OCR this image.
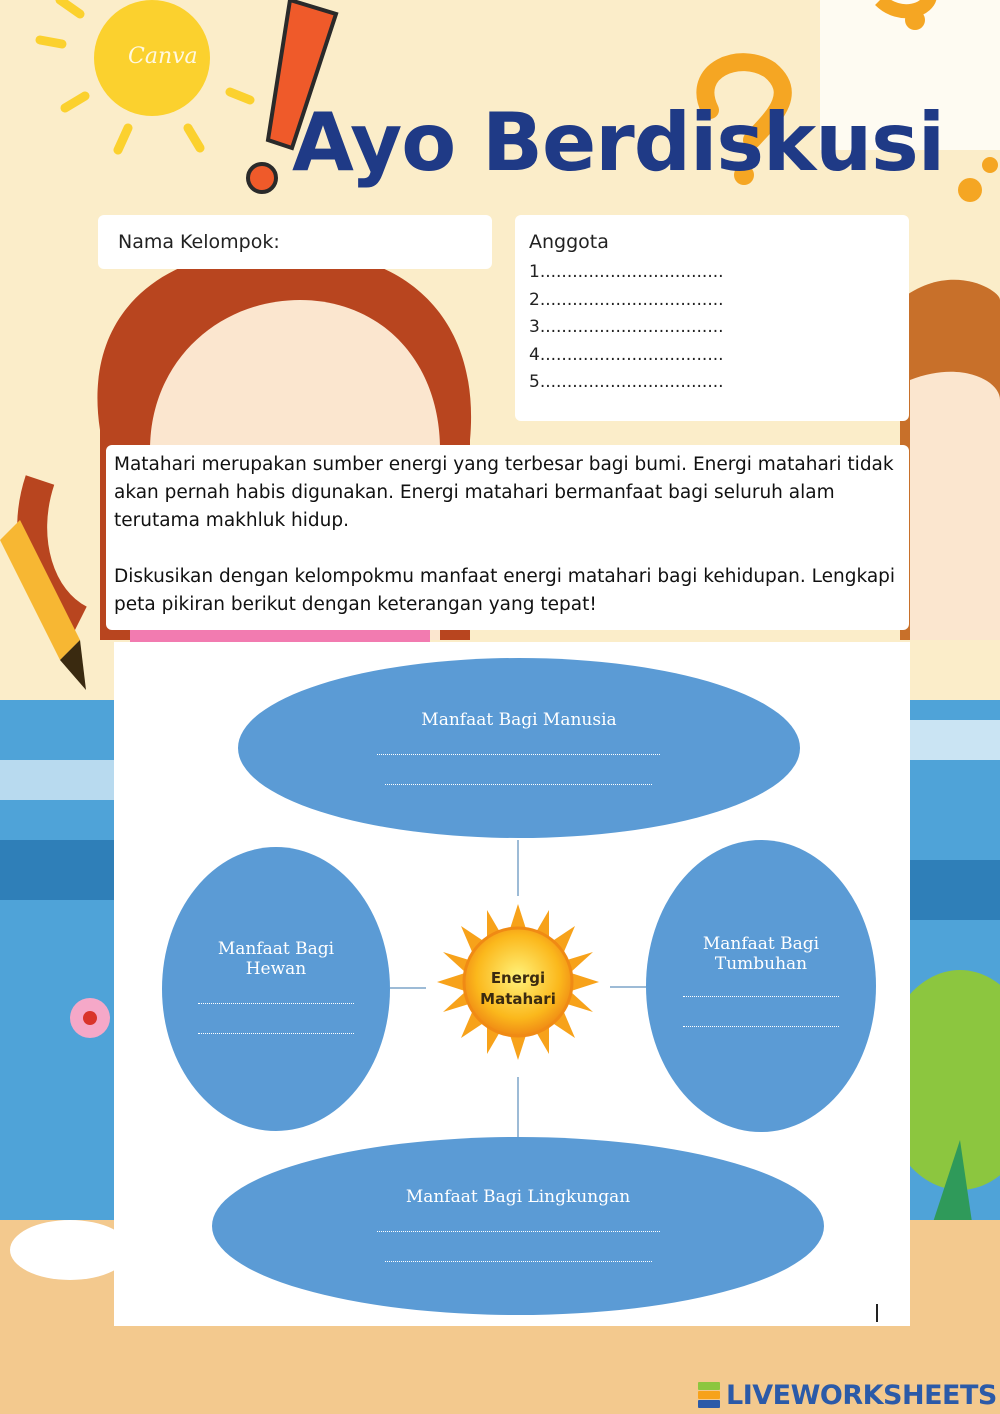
Canva
Ayo Berdiskusi
Nama Kelompok:	Anggota
1..................................
2..................................
3..................................
4..................................
5..................................

Matahari merupakan sumber energi yang terbesar bagi bumi. Energi matahari tidak akan pernah habis digunakan. Energi matahari bermanfaat bagi seluruh alam terutama makhluk hidup.

Diskusikan dengan kelompokmu manfaat energi matahari bagi kehidupan. Lengkapi peta pikiran berikut dengan keterangan yang tepat!

Manfaat Bagi Manusia
Manfaat Bagi
Hewan
Manfaat Bagi
Tumbuhan
Manfaat Bagi Lingkungan
Energi
Matahari
LIVEWORKSHEETS
